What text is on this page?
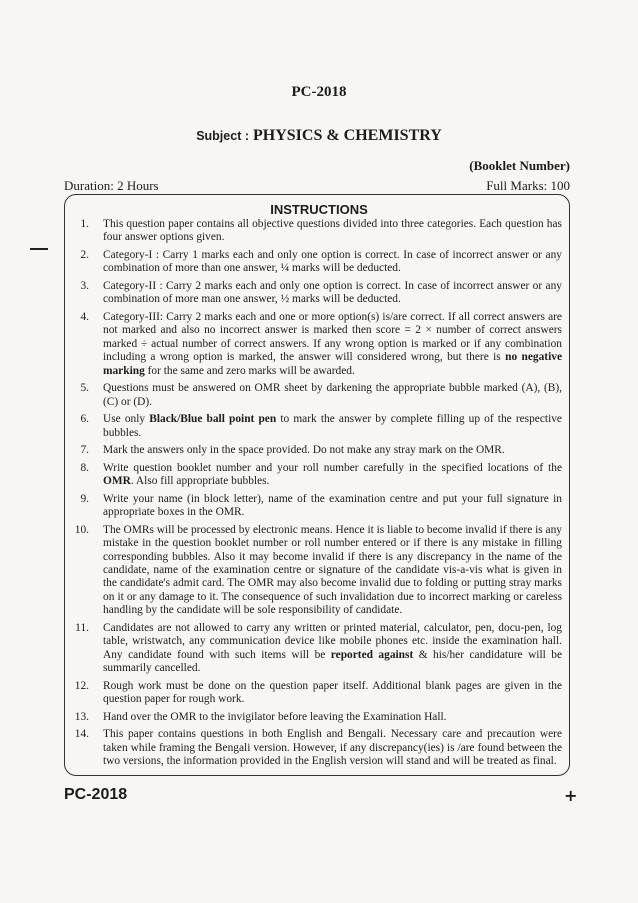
PC-2018
Subject : PHYSICS & CHEMISTRY
(Booklet Number)
Duration: 2 Hours	Full Marks: 100
INSTRUCTIONS
1. This question paper contains all objective questions divided into three categories. Each question has four answer options given.
2. Category-I : Carry 1 marks each and only one option is correct. In case of incorrect answer or any combination of more than one answer, ¼ marks will be deducted.
3. Category-II : Carry 2 marks each and only one option is correct. In case of incorrect answer or any combination of more man one answer, ½ marks will be deducted.
4. Category-III: Carry 2 marks each and one or more option(s) is/are correct. If all correct answers are not marked and also no incorrect answer is marked then score = 2 × number of correct answers marked ÷ actual number of correct answers. If any wrong option is marked or if any combination including a wrong option is marked, the answer will considered wrong, but there is no negative marking for the same and zero marks will be awarded.
5. Questions must be answered on OMR sheet by darkening the appropriate bubble marked (A), (B), (C) or (D).
6. Use only Black/Blue ball point pen to mark the answer by complete filling up of the respective bubbles.
7. Mark the answers only in the space provided. Do not make any stray mark on the OMR.
8. Write question booklet number and your roll number carefully in the specified locations of the OMR. Also fill appropriate bubbles.
9. Write your name (in block letter), name of the examination centre and put your full signature in appropriate boxes in the OMR.
10. The OMRs will be processed by electronic means. Hence it is liable to become invalid if there is any mistake in the question booklet number or roll number entered or if there is any mistake in filling corresponding bubbles. Also it may become invalid if there is any discrepancy in the name of the candidate, name of the examination centre or signature of the candidate vis-a-vis what is given in the candidate's admit card. The OMR may also become invalid due to folding or putting stray marks on it or any damage to it. The consequence of such invalidation due to incorrect marking or careless handling by the candidate will be sole responsibility of candidate.
11. Candidates are not allowed to carry any written or printed material, calculator, pen, docu-pen, log table, wristwatch, any communication device like mobile phones etc. inside the examination hall. Any candidate found with such items will be reported against & his/her candidature will be summarily cancelled.
12. Rough work must be done on the question paper itself. Additional blank pages are given in the question paper for rough work.
13. Hand over the OMR to the invigilator before leaving the Examination Hall.
14. This paper contains questions in both English and Bengali. Necessary care and precaution were taken while framing the Bengali version. However, if any discrepancy(ies) is /are found between the two versions, the information provided in the English version will stand and will be treated as final.
PC-2018	+
